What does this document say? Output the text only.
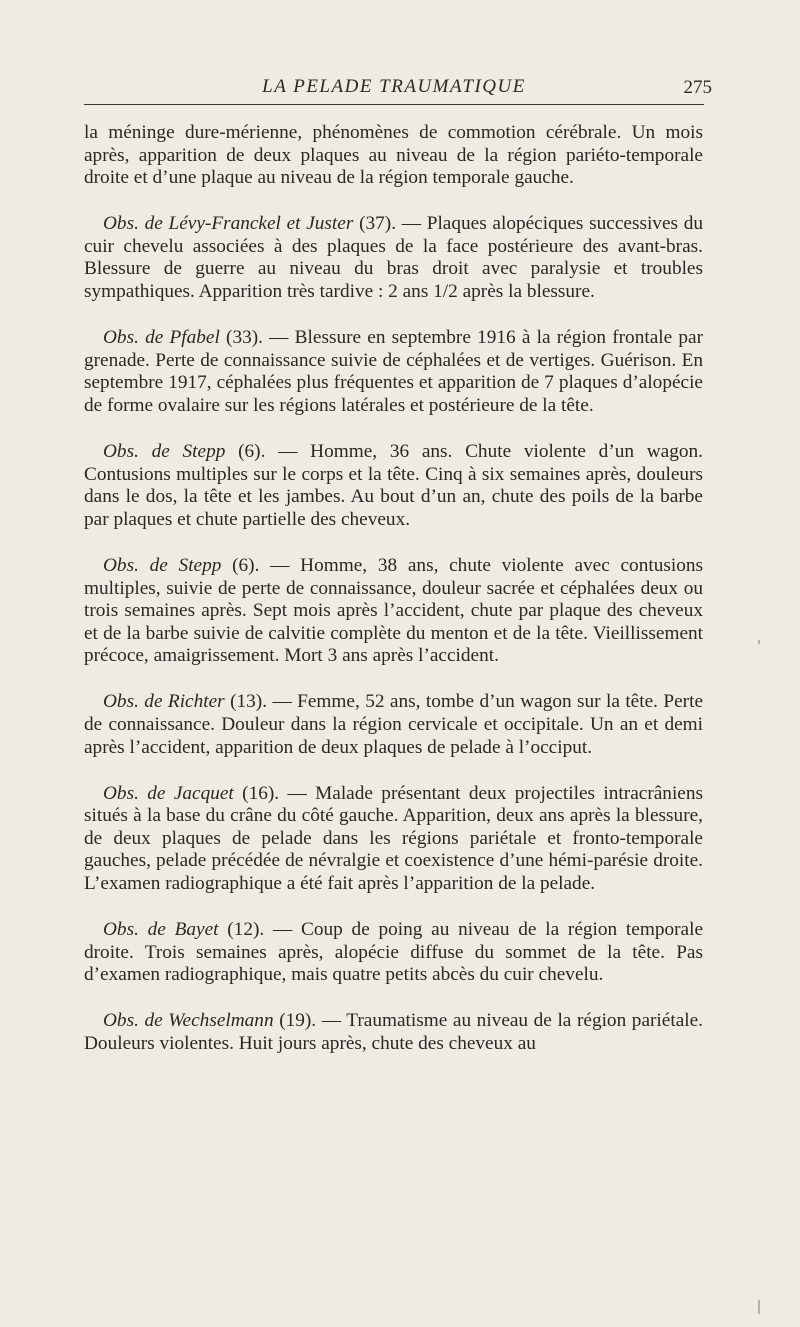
LA PELADE TRAUMATIQUE	275

la méninge dure-mérienne, phénomènes de commotion cérébrale. Un mois après, apparition de deux plaques au niveau de la région pariéto-temporale droite et d’une plaque au niveau de la région temporale gauche.

Obs. de Lévy-Franckel et Juster (37). — Plaques alopéciques successives du cuir chevelu associées à des plaques de la face postérieure des avant-bras. Blessure de guerre au niveau du bras droit avec paralysie et troubles sympathiques. Apparition très tardive : 2 ans 1/2 après la blessure.

Obs. de Pfabel (33). — Blessure en septembre 1916 à la région frontale par grenade. Perte de connaissance suivie de céphalées et de vertiges. Guérison. En septembre 1917, céphalées plus fréquentes et apparition de 7 plaques d’alopécie de forme ovalaire sur les régions latérales et postérieure de la tête.

Obs. de Stepp (6). — Homme, 36 ans. Chute violente d’un wagon. Contusions multiples sur le corps et la tête. Cinq à six semaines après, douleurs dans le dos, la tête et les jambes. Au bout d’un an, chute des poils de la barbe par plaques et chute partielle des cheveux.

Obs. de Stepp (6). — Homme, 38 ans, chute violente avec contusions multiples, suivie de perte de connaissance, douleur sacrée et céphalées deux ou trois semaines après. Sept mois après l’accident, chute par plaque des cheveux et de la barbe suivie de calvitie complète du menton et de la tête. Vieillissement précoce, amaigrissement. Mort 3 ans après l’accident.

Obs. de Richter (13). — Femme, 52 ans, tombe d’un wagon sur la tête. Perte de connaissance. Douleur dans la région cervicale et occipitale. Un an et demi après l’accident, apparition de deux plaques de pelade à l’occiput.

Obs. de Jacquet (16). — Malade présentant deux projectiles intracrâniens situés à la base du crâne du côté gauche. Apparition, deux ans après la blessure, de deux plaques de pelade dans les régions pariétale et fronto-temporale gauches, pelade précédée de névralgie et coexistence d’une hémi-parésie droite. L’examen radiographique a été fait après l’apparition de la pelade.

Obs. de Bayet (12). — Coup de poing au niveau de la région temporale droite. Trois semaines après, alopécie diffuse du sommet de la tête. Pas d’examen radiographique, mais quatre petits abcès du cuir chevelu.

Obs. de Wechselmann (19). — Traumatisme au niveau de la région pariétale. Douleurs violentes. Huit jours après, chute des cheveux au
